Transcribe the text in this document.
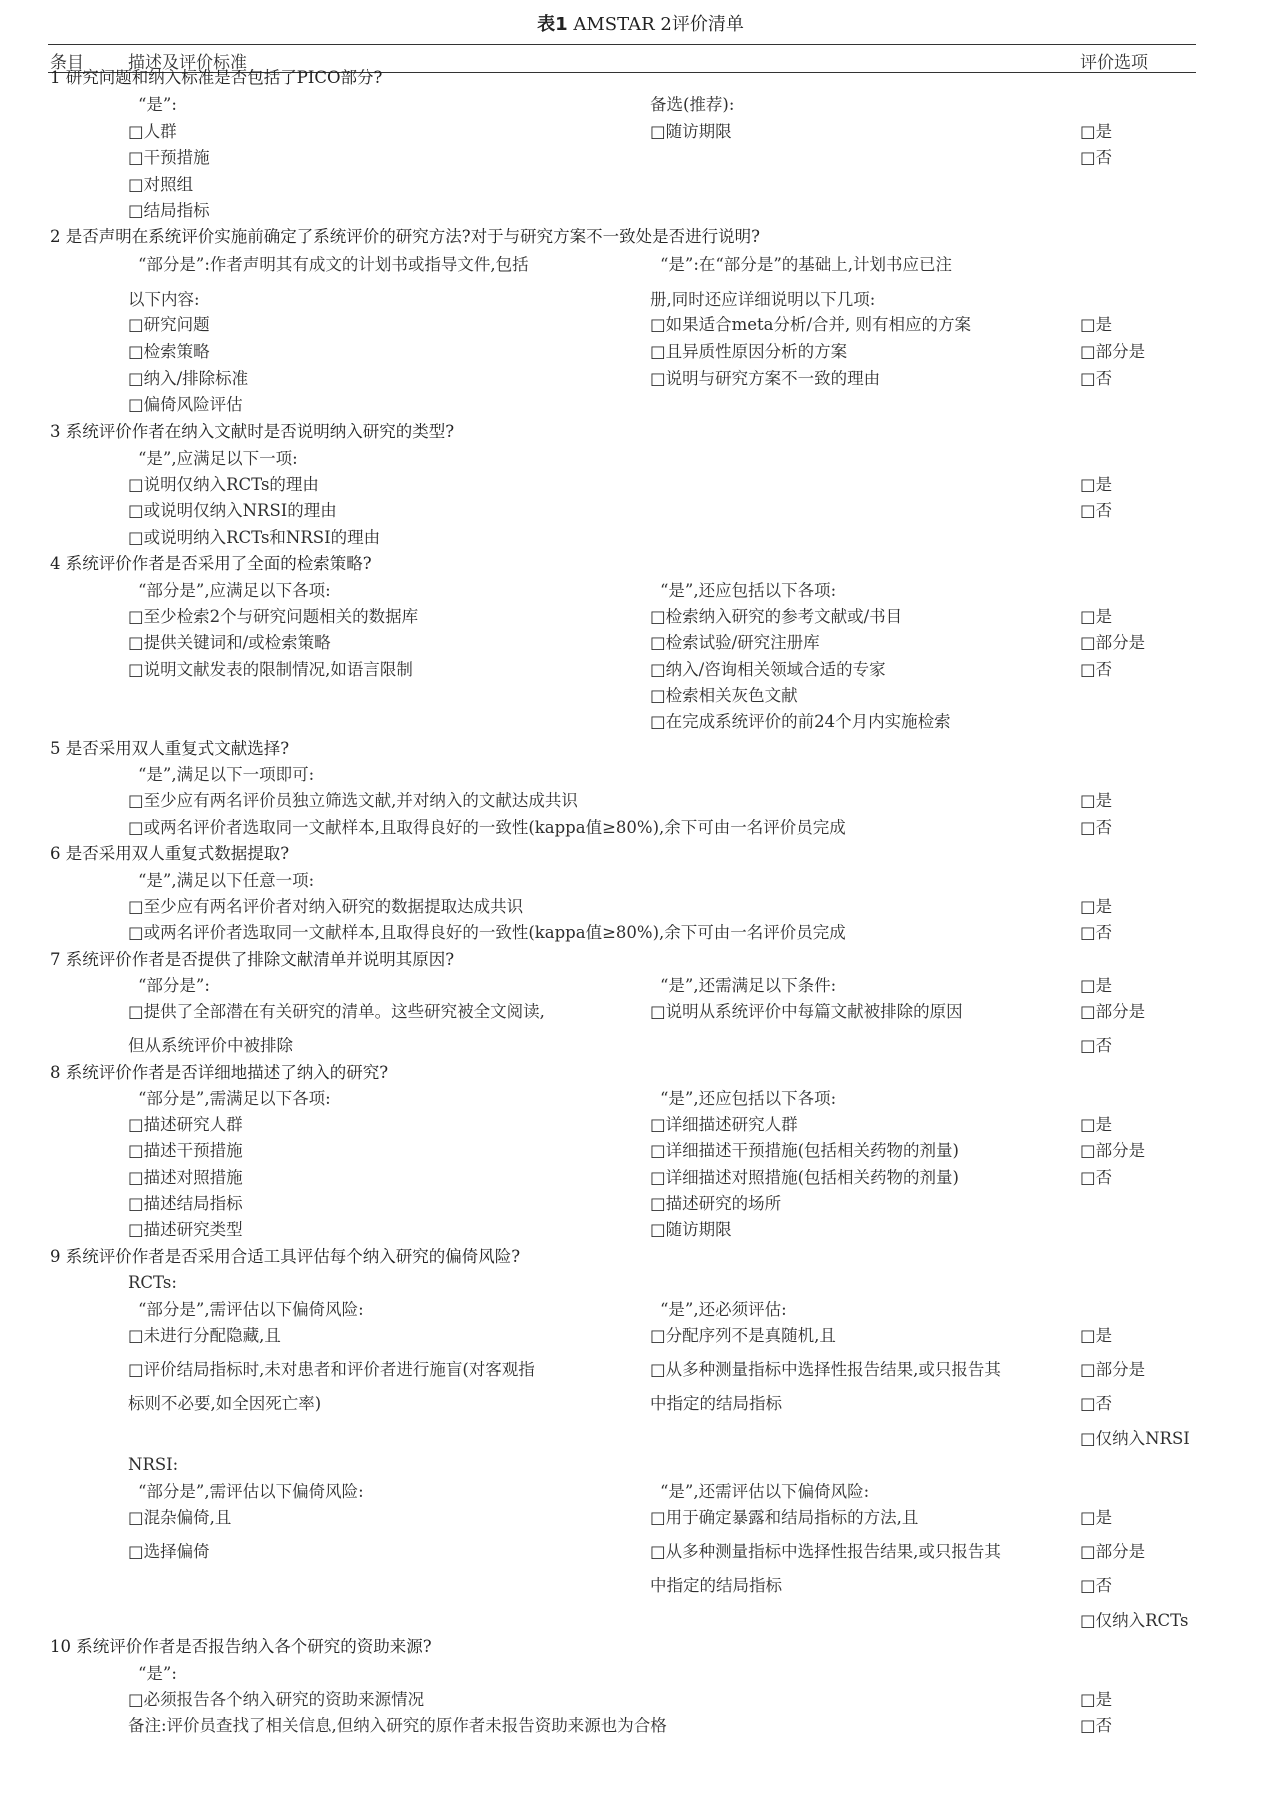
表1 AMSTAR 2评价清单
条目	描述及评价标准	评价选项
1 研究问题和纳入标准是否包括了PICO部分?
“是”:	备选(推荐):
□人群	□随访期限	□是
□干预措施	□否
□对照组
□结局指标
2 是否声明在系统评价实施前确定了系统评价的研究方法?对于与研究方案不一致处是否进行说明?
“部分是”:作者声明其有成文的计划书或指导文件,包括	“是”:在“部分是”的基础上,计划书应已注
以下内容:	册,同时还应详细说明以下几项:
□研究问题	□如果适合meta分析/合并, 则有相应的方案	□是
□检索策略	□且异质性原因分析的方案	□部分是
□纳入/排除标准	□说明与研究方案不一致的理由	□否
□偏倚风险评估
3 系统评价作者在纳入文献时是否说明纳入研究的类型?
“是”,应满足以下一项:
□说明仅纳入RCTs的理由	□是
□或说明仅纳入NRSI的理由	□否
□或说明纳入RCTs和NRSI的理由
4 系统评价作者是否采用了全面的检索策略?
“部分是”,应满足以下各项:	“是”,还应包括以下各项:
□至少检索2个与研究问题相关的数据库	□检索纳入研究的参考文献或/书目	□是
□提供关键词和/或检索策略	□检索试验/研究注册库	□部分是
□说明文献发表的限制情况,如语言限制	□纳入/咨询相关领域合适的专家	□否
□检索相关灰色文献
□在完成系统评价的前24个月内实施检索
5 是否采用双人重复式文献选择?
“是”,满足以下一项即可:
□至少应有两名评价员独立筛选文献,并对纳入的文献达成共识	□是
□或两名评价者选取同一文献样本,且取得良好的一致性(kappa值≥80%),余下可由一名评价员完成	□否
6 是否采用双人重复式数据提取?
“是”,满足以下任意一项:
□至少应有两名评价者对纳入研究的数据提取达成共识	□是
□或两名评价者选取同一文献样本,且取得良好的一致性(kappa值≥80%),余下可由一名评价员完成	□否
7 系统评价作者是否提供了排除文献清单并说明其原因?
“部分是”:	“是”,还需满足以下条件:	□是
□提供了全部潜在有关研究的清单。这些研究被全文阅读,	□说明从系统评价中每篇文献被排除的原因	□部分是
但从系统评价中被排除	□否
8 系统评价作者是否详细地描述了纳入的研究?
“部分是”,需满足以下各项:	“是”,还应包括以下各项:
□描述研究人群	□详细描述研究人群	□是
□描述干预措施	□详细描述干预措施(包括相关药物的剂量)	□部分是
□描述对照措施	□详细描述对照措施(包括相关药物的剂量)	□否
□描述结局指标	□描述研究的场所
□描述研究类型	□随访期限
9 系统评价作者是否采用合适工具评估每个纳入研究的偏倚风险?
RCTs:
“部分是”,需评估以下偏倚风险:	“是”,还必须评估:
□未进行分配隐藏,且	□分配序列不是真随机,且	□是
□评价结局指标时,未对患者和评价者进行施盲(对客观指	□从多种测量指标中选择性报告结果,或只报告其	□部分是
标则不必要,如全因死亡率)	中指定的结局指标	□否
□仅纳入NRSI
NRSI:
“部分是”,需评估以下偏倚风险:	“是”,还需评估以下偏倚风险:
□混杂偏倚,且	□用于确定暴露和结局指标的方法,且	□是
□选择偏倚	□从多种测量指标中选择性报告结果,或只报告其	□部分是
中指定的结局指标	□否
□仅纳入RCTs
10 系统评价作者是否报告纳入各个研究的资助来源?
“是”:
□必须报告各个纳入研究的资助来源情况	□是
备注:评价员查找了相关信息,但纳入研究的原作者未报告资助来源也为合格	□否
